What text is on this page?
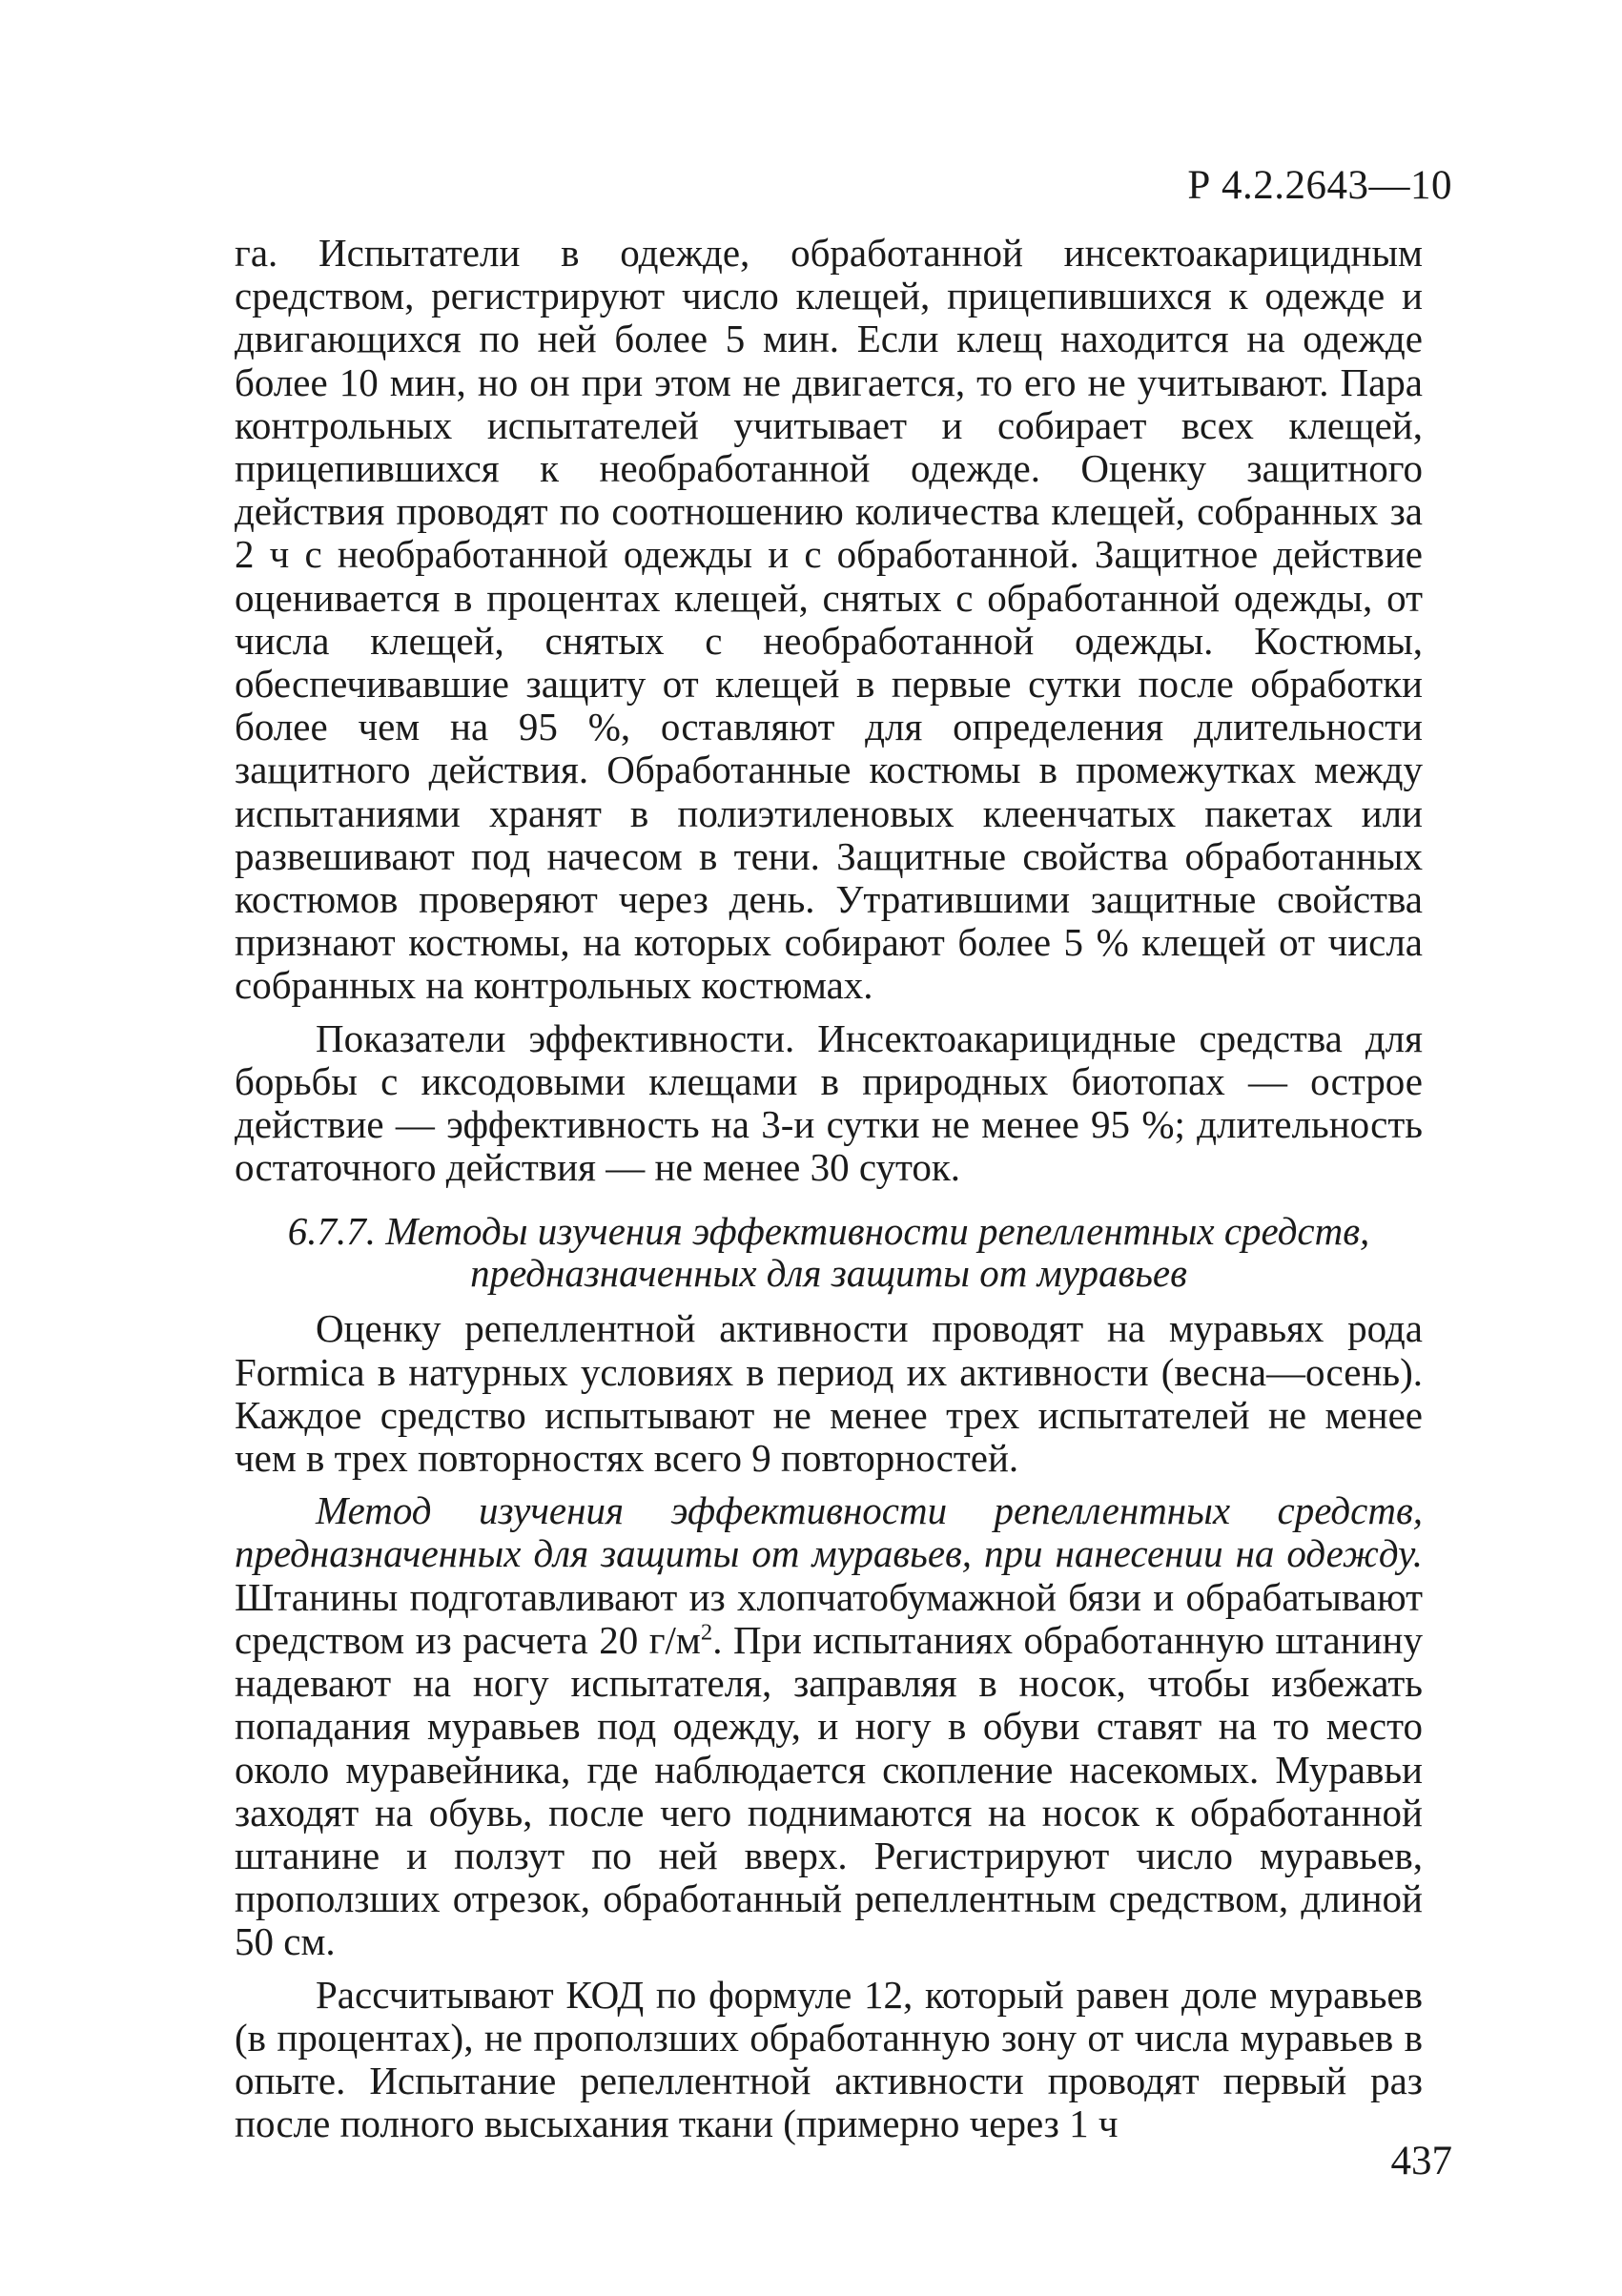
Р 4.2.2643—10

га. Испытатели в одежде, обработанной инсектоакарицидным средством, регистрируют число клещей, прицепившихся к одежде и двигающихся по ней более 5 мин. Если клещ находится на одежде более 10 мин, но он при этом не двигается, то его не учитывают. Пара контрольных испытателей учитывает и собирает всех клещей, прицепившихся к необработанной одежде. Оценку защитного действия проводят по соотношению количества клещей, собранных за 2 ч с необработанной одежды и с обработанной. Защитное действие оценивается в процентах клещей, снятых с обработанной одежды, от числа клещей, снятых с необработанной одежды. Костюмы, обеспечивавшие защиту от клещей в первые сутки после обработки более чем на 95 %, оставляют для определения длительности защитного действия. Обработанные костюмы в промежутках между испытаниями хранят в полиэтиленовых клеенчатых пакетах или развешивают под начесом в тени. Защитные свойства обработанных костюмов проверяют через день. Утратившими защитные свойства признают костюмы, на которых собирают более 5 % клещей от числа собранных на контрольных костюмах.

Показатели эффективности. Инсектоакарицидные средства для борьбы с иксодовыми клещами в природных биотопах — острое действие — эффективность на 3-и сутки не менее 95 %; длительность остаточного действия — не менее 30 суток.

6.7.7. Методы изучения эффективности репеллентных средств,
предназначенных для защиты от муравьев

Оценку репеллентной активности проводят на муравьях рода Formica в натурных условиях в период их активности (весна—осень). Каждое средство испытывают не менее трех испытателей не менее чем в трех повторностях всего 9 повторностей.

Метод изучения эффективности репеллентных средств, предназначенных для защиты от муравьев, при нанесении на одежду. Штанины подготавливают из хлопчатобумажной бязи и обрабатывают средством из расчета 20 $г/м^2$. При испытаниях обработанную штанину надевают на ногу испытателя, заправляя в носок, чтобы избежать попадания муравьев под одежду, и ногу в обуви ставят на то место около муравейника, где наблюдается скопление насекомых. Муравьи заходят на обувь, после чего поднимаются на носок к обработанной штанине и ползут по ней вверх. Регистрируют число муравьев, проползших отрезок, обработанный репеллентным средством, длиной 50 см.

Рассчитывают КОД по формуле 12, который равен доле муравьев (в процентах), не проползших обработанную зону от числа муравьев в опыте. Испытание репеллентной активности проводят первый раз после полного высыхания ткани (примерно через 1 ч

437
